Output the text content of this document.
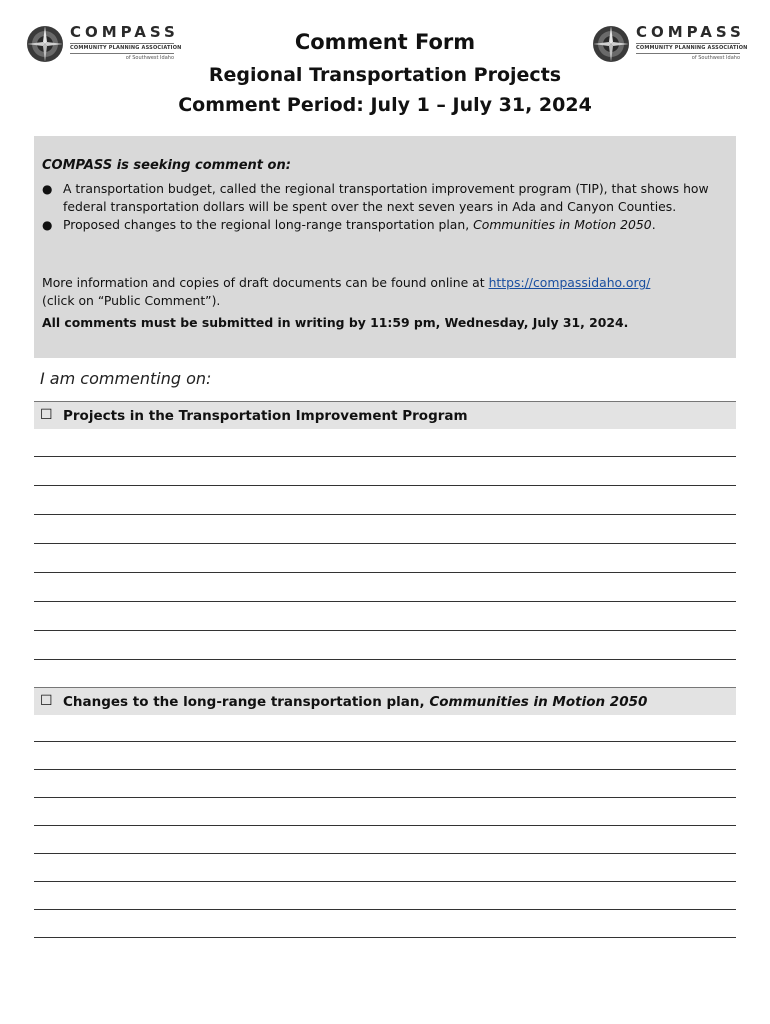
COMPASS
COMMUNITY PLANNING ASSOCIATION
of Southwest Idaho
COMPASS
COMMUNITY PLANNING ASSOCIATION
of Southwest Idaho
Comment Form
Regional Transportation Projects
Comment Period: July 1 – July 31, 2024
COMPASS is seeking comment on:
● A transportation budget, called the regional transportation improvement program (TIP), that shows how federal transportation dollars will be spent over the next seven years in Ada and Canyon Counties.
● Proposed changes to the regional long-range transportation plan, Communities in Motion 2050.
More information and copies of draft documents can be found online at https://compassidaho.org/
(click on “Public Comment”).
All comments must be submitted in writing by 11:59 pm, Wednesday, July 31, 2024.
I am commenting on:
☐ Projects in the Transportation Improvement Program
☐ Changes to the long-range transportation plan, Communities in Motion 2050
